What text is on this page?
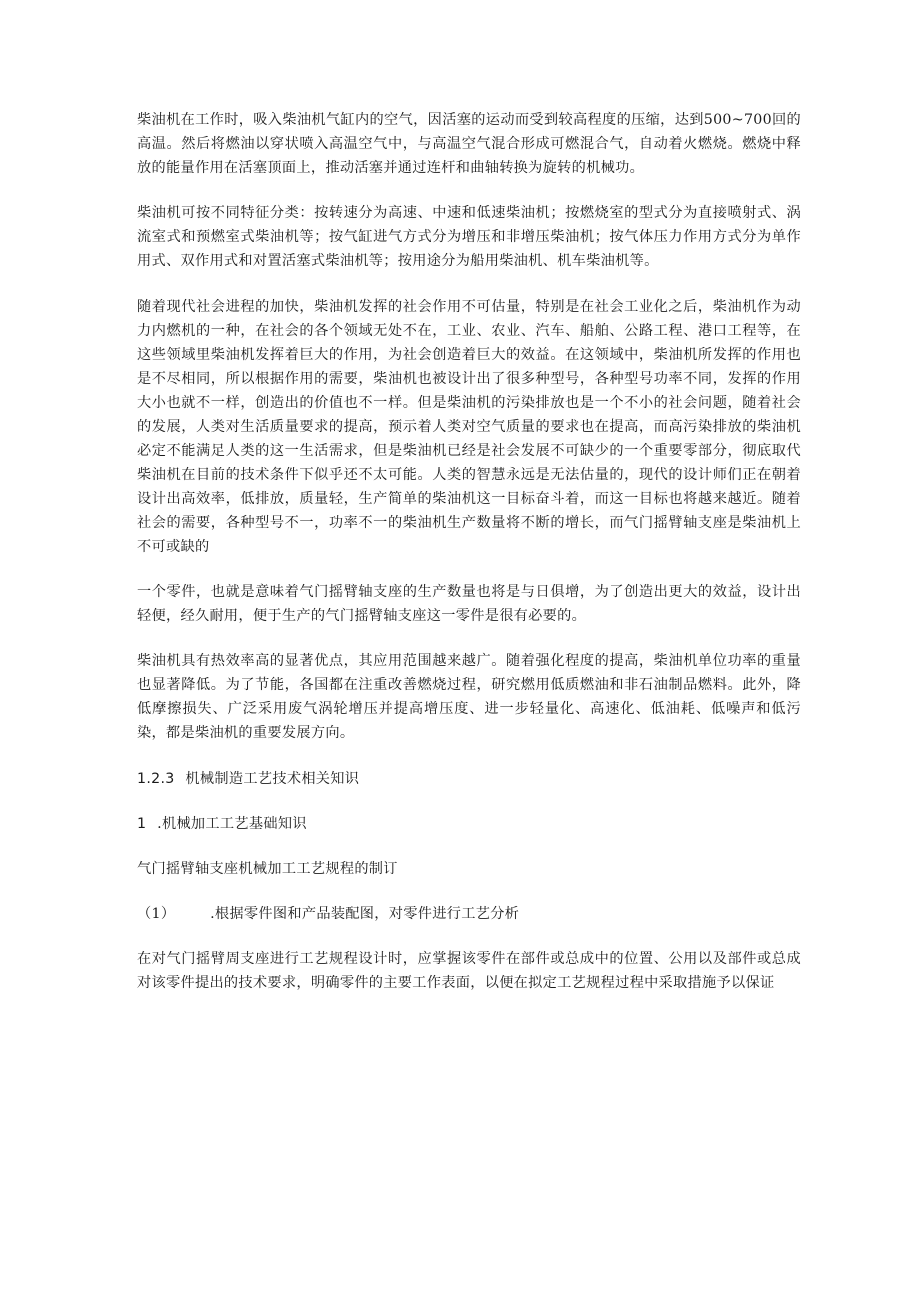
柴油机在工作时，吸入柴油机气缸内的空气，因活塞的运动而受到较高程度的压缩，达到500~700回的高温。然后将燃油以穿状喷入高温空气中，与高温空气混合形成可燃混合气，自动着火燃烧。燃烧中释放的能量作用在活塞顶面上，推动活塞并通过连杆和曲轴转换为旋转的机械功。

柴油机可按不同特征分类：按转速分为高速、中速和低速柴油机；按燃烧室的型式分为直接喷射式、涡流室式和预燃室式柴油机等；按气缸进气方式分为增压和非增压柴油机；按气体压力作用方式分为单作用式、双作用式和对置活塞式柴油机等；按用途分为船用柴油机、机车柴油机等。

随着现代社会进程的加快，柴油机发挥的社会作用不可估量，特别是在社会工业化之后，柴油机作为动力内燃机的一种，在社会的各个领域无处不在，工业、农业、汽车、船舶、公路工程、港口工程等，在这些领域里柴油机发挥着巨大的作用，为社会创造着巨大的效益。在这领域中，柴油机所发挥的作用也是不尽相同，所以根据作用的需要，柴油机也被设计出了很多种型号，各种型号功率不同，发挥的作用大小也就不一样，创造出的价值也不一样。但是柴油机的污染排放也是一个不小的社会问题，随着社会的发展，人类对生活质量要求的提高，预示着人类对空气质量的要求也在提高，而高污染排放的柴油机必定不能满足人类的这一生活需求，但是柴油机已经是社会发展不可缺少的一个重要零部分，彻底取代柴油机在目前的技术条件下似乎还不太可能。人类的智慧永远是无法估量的，现代的设计师们正在朝着设计出高效率，低排放，质量轻，生产简单的柴油机这一目标奋斗着，而这一目标也将越来越近。随着社会的需要，各种型号不一，功率不一的柴油机生产数量将不断的增长，而气门摇臂轴支座是柴油机上不可或缺的

一个零件，也就是意味着气门摇臂轴支座的生产数量也将是与日俱增，为了创造出更大的效益，设计出轻便，经久耐用，便于生产的气门摇臂轴支座这一零件是很有必要的。

柴油机具有热效率高的显著优点，其应用范围越来越广。随着强化程度的提高，柴油机单位功率的重量也显著降低。为了节能，各国都在注重改善燃烧过程，研究燃用低质燃油和非石油制品燃料。此外，降低摩擦损失、广泛采用废气涡轮增压并提高增压度、进一步轻量化、高速化、低油耗、低噪声和低污染，都是柴油机的重要发展方向。

1.2.3 机械制造工艺技术相关知识
1 .机械加工工艺基础知识
气门摇臂轴支座机械加工工艺规程的制订
（1） .根据零件图和产品装配图，对零件进行工艺分析

在对气门摇臂周支座进行工艺规程设计时，应掌握该零件在部件或总成中的位置、公用以及部件或总成对该零件提出的技术要求，明确零件的主要工作表面，以便在拟定工艺规程过程中采取措施予以保证
